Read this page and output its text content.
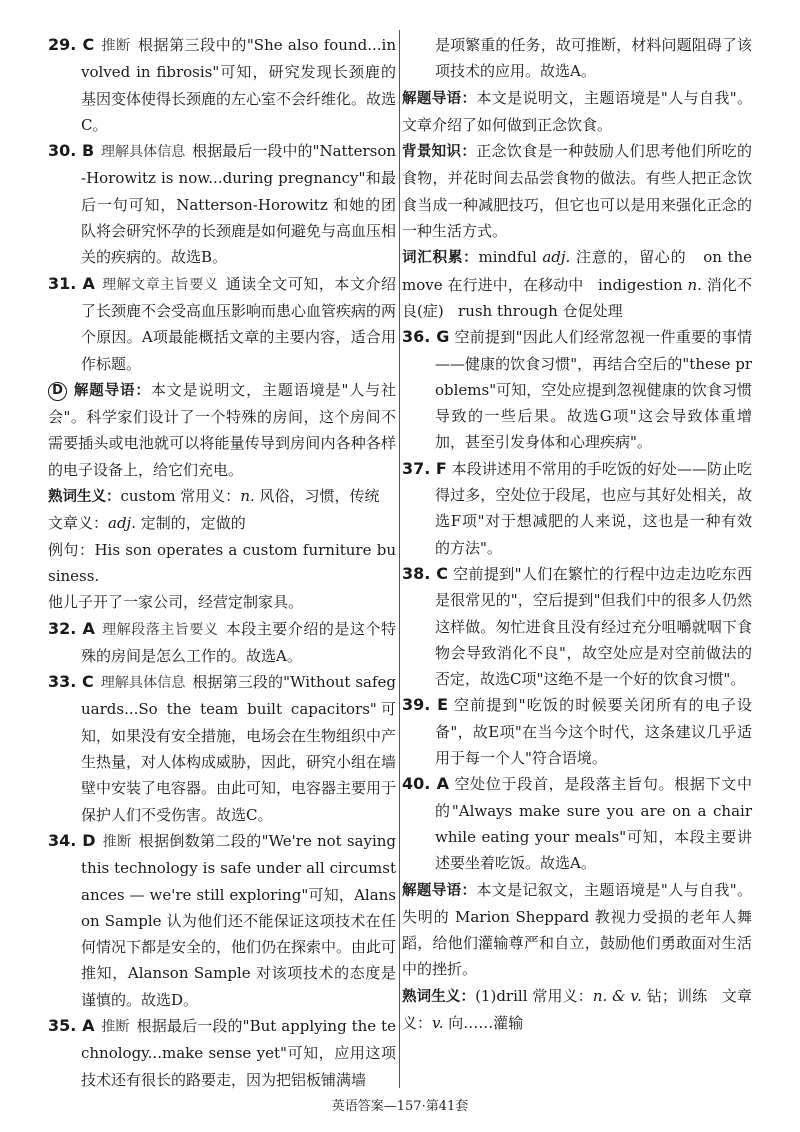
29. C 推断 根据第三段中的"She also found...involved in fibrosis"可知，研究发现长颈鹿的基因变体使得长颈鹿的左心室不会纤维化。故选C。

30. B 理解具体信息 根据最后一段中的"Natterson-Horowitz is now...during pregnancy"和最后一句可知，Natterson-Horowitz 和她的团队将会研究怀孕的长颈鹿是如何避免与高血压相关的疾病的。故选B。

31. A 理解文章主旨要义 通读全文可知，本文介绍了长颈鹿不会受高血压影响而患心血管疾病的两个原因。A项最能概括文章的主要内容，适合用作标题。

D 解题导语：本文是说明文，主题语境是"人与社会"。科学家们设计了一个特殊的房间，这个房间不需要插头或电池就可以将能量传导到房间内各种各样的电子设备上，给它们充电。

熟词生义：custom 常用义：n. 风俗，习惯，传统
文章义：adj. 定制的，定做的

例句：His son operates a custom furniture business.
他儿子开了一家公司，经营定制家具。

32. A 理解段落主旨要义 本段主要介绍的是这个特殊的房间是怎么工作的。故选A。

33. C 理解具体信息 根据第三段的"Without safeguards...So the team built capacitors"可知，如果没有安全措施，电场会在生物组织中产生热量，对人体构成威胁，因此，研究小组在墙壁中安装了电容器。由此可知，电容器主要用于保护人们不受伤害。故选C。

34. D 推断 根据倒数第二段的"We're not saying this technology is safe under all circumstances — we're still exploring"可知，Alanson Sample 认为他们还不能保证这项技术在任何情况下都是安全的，他们仍在探索中。由此可推知，Alanson Sample 对该项技术的态度是谨慎的。故选D。

35. A 推断 根据最后一段的"But applying the technology...make sense yet"可知，应用这项技术还有很长的路要走，因为把铝板铺满墙

是项繁重的任务，故可推断，材料问题阻碍了该项技术的应用。故选A。

解题导语：本文是说明文，主题语境是"人与自我"。文章介绍了如何做到正念饮食。

背景知识：正念饮食是一种鼓励人们思考他们所吃的食物，并花时间去品尝食物的做法。有些人把正念饮食当成一种减肥技巧，但它也可以是用来强化正念的一种生活方式。

词汇积累：mindful adj. 注意的，留心的 on the move 在行进中，在移动中 indigestion n. 消化不良(症) rush through 仓促处理

36. G 空前提到"因此人们经常忽视一件重要的事情——健康的饮食习惯"，再结合空后的"these problems"可知，空处应提到忽视健康的饮食习惯导致的一些后果。故选G项"这会导致体重增加，甚至引发身体和心理疾病"。

37. F 本段讲述用不常用的手吃饭的好处——防止吃得过多，空处位于段尾，也应与其好处相关，故选F项"对于想减肥的人来说，这也是一种有效的方法"。

38. C 空前提到"人们在繁忙的行程中边走边吃东西是很常见的"，空后提到"但我们中的很多人仍然这样做。匆忙进食且没有经过充分咀嚼就咽下食物会导致消化不良"，故空处应是对空前做法的否定，故选C项"这绝不是一个好的饮食习惯"。

39. E 空前提到"吃饭的时候要关闭所有的电子设备"，故E项"在当今这个时代，这条建议几乎适用于每一个人"符合语境。

40. A 空处位于段首，是段落主旨句。根据下文中的"Always make sure you are on a chair while eating your meals"可知，本段主要讲述要坐着吃饭。故选A。

解题导语：本文是记叙文，主题语境是"人与自我"。失明的 Marion Sheppard 教视力受损的老年人舞蹈，给他们灌输尊严和自立，鼓励他们勇敢面对生活中的挫折。

熟词生义：(1)drill 常用义：n. & v. 钻；训练 文章义：v. 向……灌输

英语答案—157·第41套
